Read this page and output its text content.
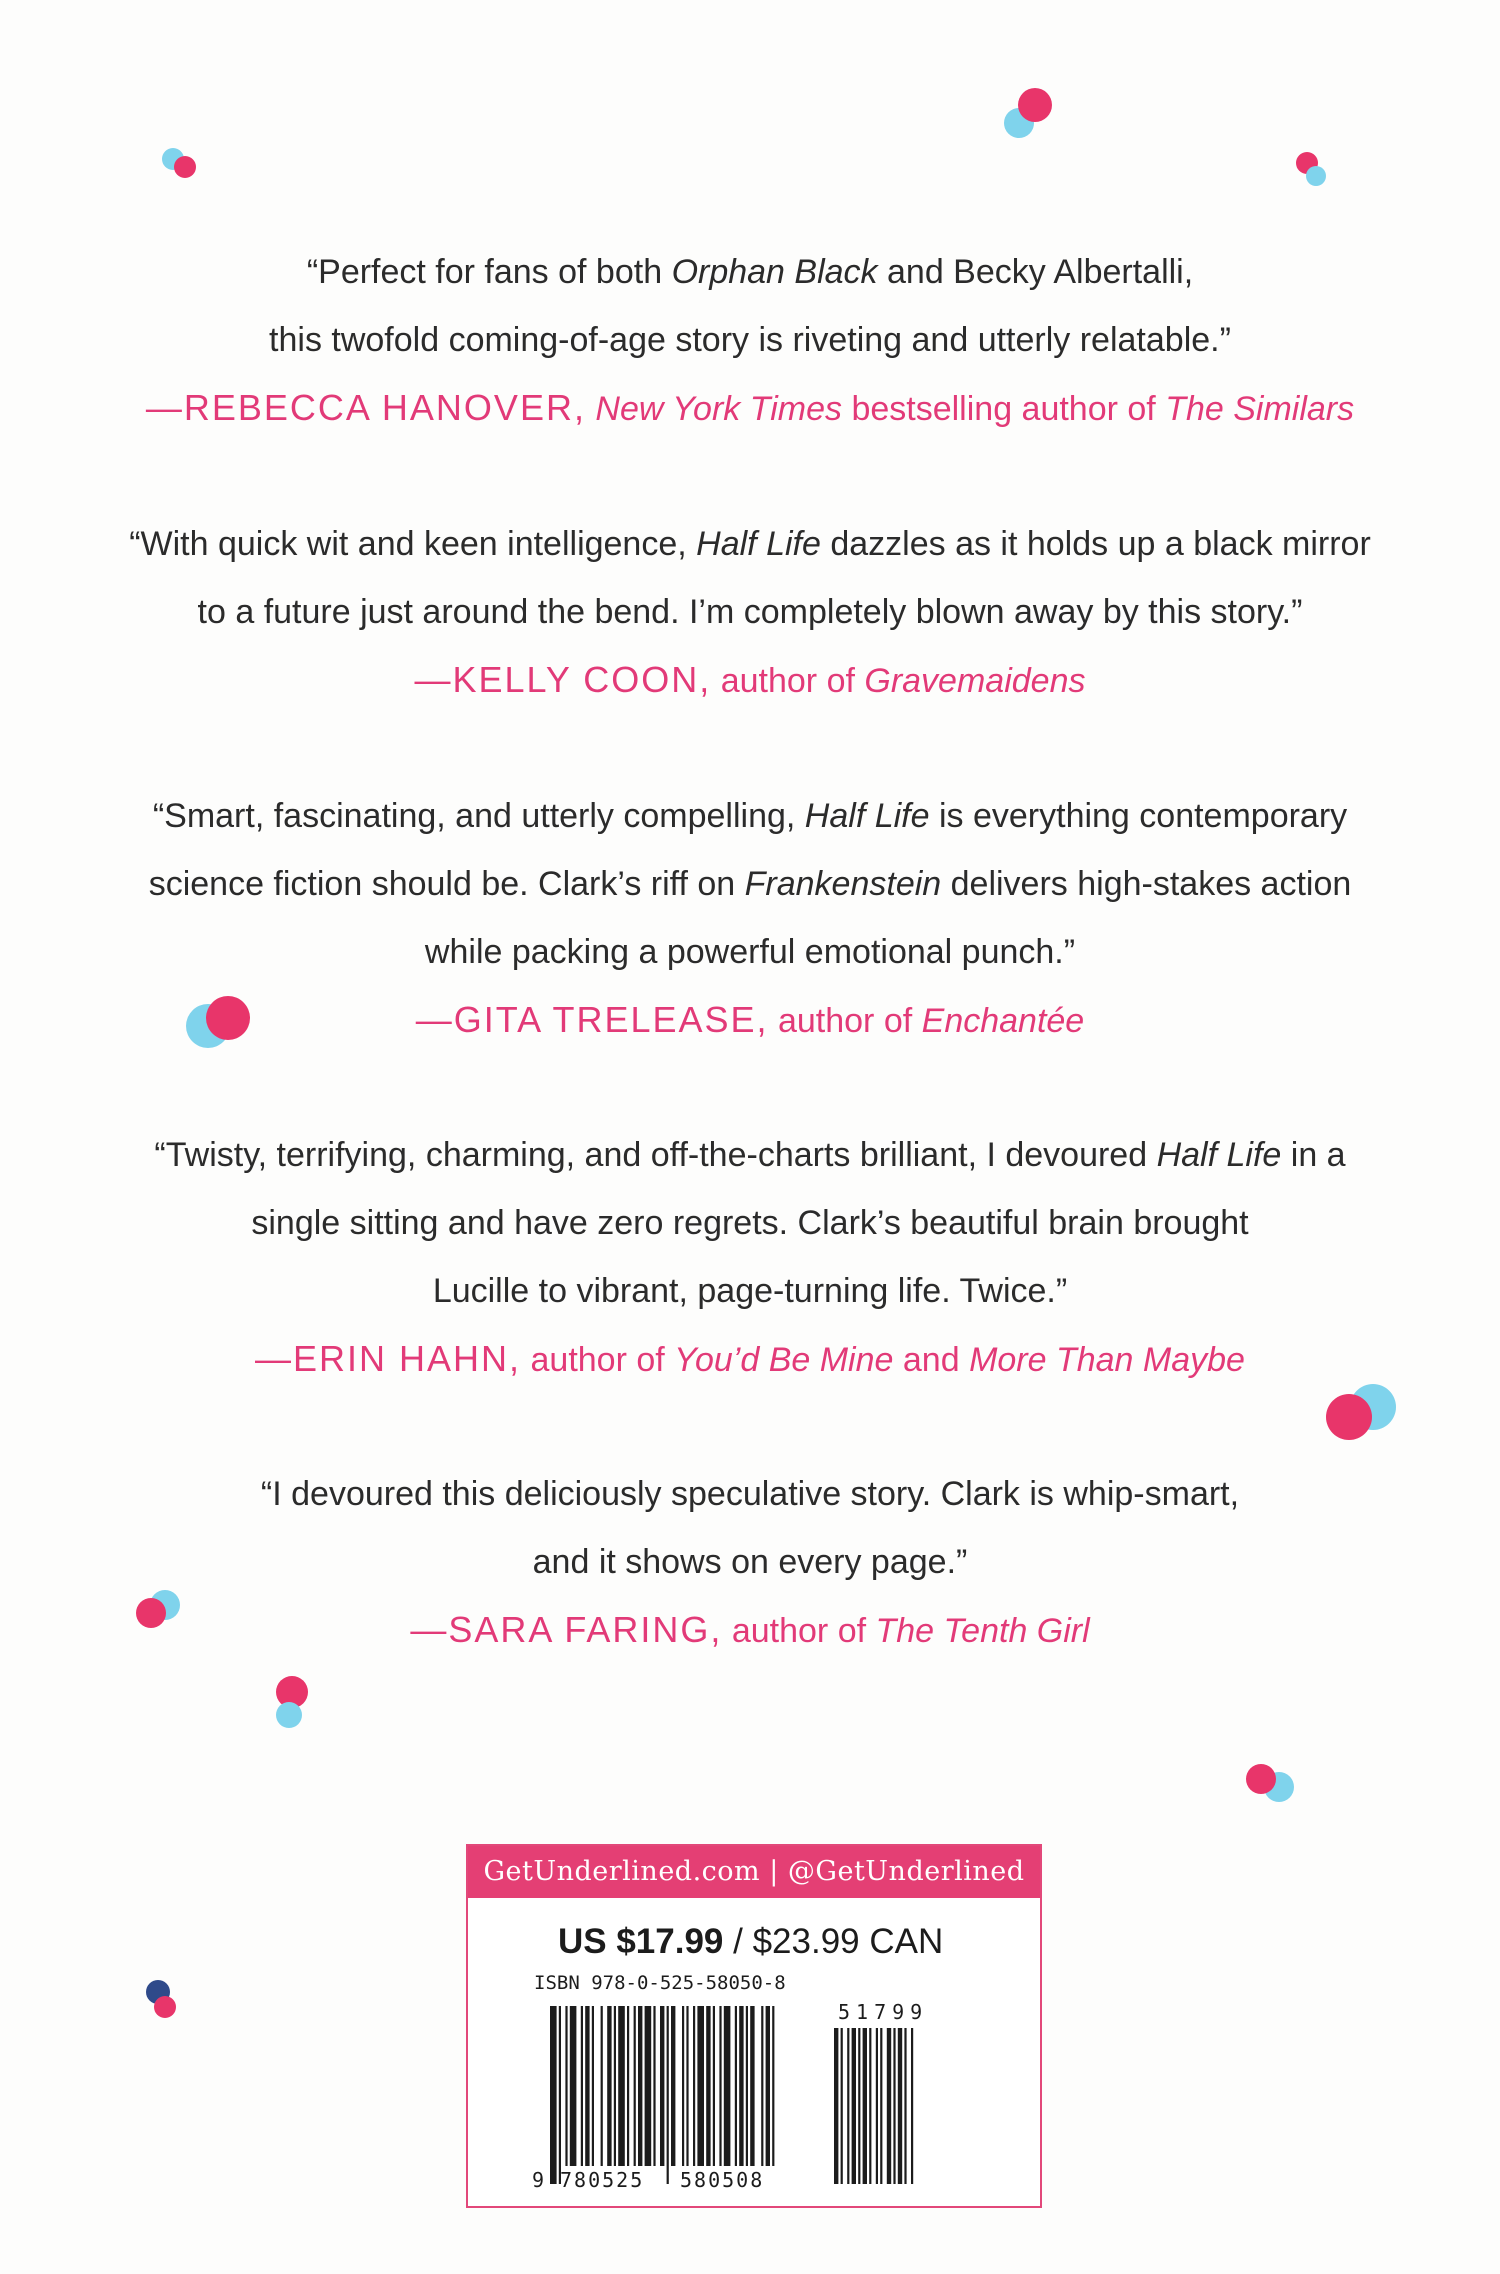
“Perfect for fans of both Orphan Black and Becky Albertalli,
this twofold coming-of-age story is riveting and utterly relatable.”
—REBECCA HANOVER, New York Times bestselling author of The Similars
“With quick wit and keen intelligence, Half Life dazzles as it holds up a black mirror
to a future just around the bend. I’m completely blown away by this story.”
—KELLY COON, author of Gravemaidens
“Smart, fascinating, and utterly compelling, Half Life is everything contemporary
science fiction should be. Clark’s riff on Frankenstein delivers high-stakes action
while packing a powerful emotional punch.”
—GITA TRELEASE, author of Enchantée
“Twisty, terrifying, charming, and off-the-charts brilliant, I devoured Half Life in a
single sitting and have zero regrets. Clark’s beautiful brain brought
Lucille to vibrant, page-turning life. Twice.”
—ERIN HAHN, author of You’d Be Mine and More Than Maybe
“I devoured this deliciously speculative story. Clark is whip-smart,
and it shows on every page.”
—SARA FARING, author of The Tenth Girl
GetUnderlined.com | @GetUnderlined
US $17.99 / $23.99 CAN
ISBN 978-0-525-58050-8
9 780525 580508
51799
